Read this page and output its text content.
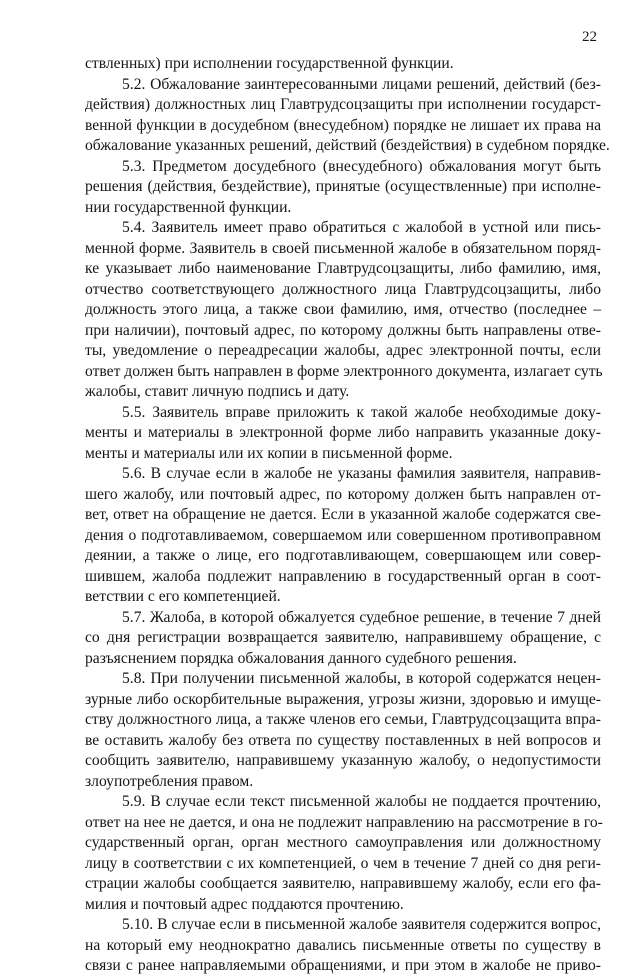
22
ствленных) при исполнении государственной функции.
5.2. Обжалование заинтересованными лицами решений, действий (без-
действия) должностных лиц Главтрудсоцзащиты при исполнении государст-
венной функции в досудебном (внесудебном) порядке не лишает их права на
обжалование указанных решений, действий (бездействия) в судебном порядке.
5.3. Предметом досудебного (внесудебного) обжалования могут быть
решения (действия, бездействие), принятые (осуществленные) при исполне-
нии государственной функции.
5.4. Заявитель имеет право обратиться с жалобой в устной или пись-
менной форме. Заявитель в своей письменной жалобе в обязательном поряд-
ке указывает либо наименование Главтрудсоцзащиты, либо фамилию, имя,
отчество соответствующего должностного лица Главтрудсоцзащиты, либо
должность этого лица, а также свои фамилию, имя, отчество (последнее –
при наличии), почтовый адрес, по которому должны быть направлены отве-
ты, уведомление о переадресации жалобы, адрес электронной почты, если
ответ должен быть направлен в форме электронного документа, излагает суть
жалобы, ставит личную подпись и дату.
5.5. Заявитель вправе приложить к такой жалобе необходимые доку-
менты и материалы в электронной форме либо направить указанные доку-
менты и материалы или их копии в письменной форме.
5.6. В случае если в жалобе не указаны фамилия заявителя, направив-
шего жалобу, или почтовый адрес, по которому должен быть направлен от-
вет, ответ на обращение не дается. Если в указанной жалобе содержатся све-
дения о подготавливаемом, совершаемом или совершенном противоправном
деянии, а также о лице, его подготавливающем, совершающем или совер-
шившем, жалоба подлежит направлению в государственный орган в соот-
ветствии с его компетенцией.
5.7. Жалоба, в которой обжалуется судебное решение, в течение 7 дней
со дня регистрации возвращается заявителю, направившему обращение, с
разъяснением порядка обжалования данного судебного решения.
5.8. При получении письменной жалобы, в которой содержатся нецен-
зурные либо оскорбительные выражения, угрозы жизни, здоровью и имуще-
ству должностного лица, а также членов его семьи, Главтрудсоцзащита впра-
ве оставить жалобу без ответа по существу поставленных в ней вопросов и
сообщить заявителю, направившему указанную жалобу, о недопустимости
злоупотребления правом.
5.9. В случае если текст письменной жалобы не поддается прочтению,
ответ на нее не дается, и она не подлежит направлению на рассмотрение в го-
сударственный орган, орган местного самоуправления или должностному
лицу в соответствии с их компетенцией, о чем в течение 7 дней со дня реги-
страции жалобы сообщается заявителю, направившему жалобу, если его фа-
милия и почтовый адрес поддаются прочтению.
5.10. В случае если в письменной жалобе заявителя содержится вопрос,
на который ему неоднократно давались письменные ответы по существу в
связи с ранее направляемыми обращениями, и при этом в жалобе не приво-
